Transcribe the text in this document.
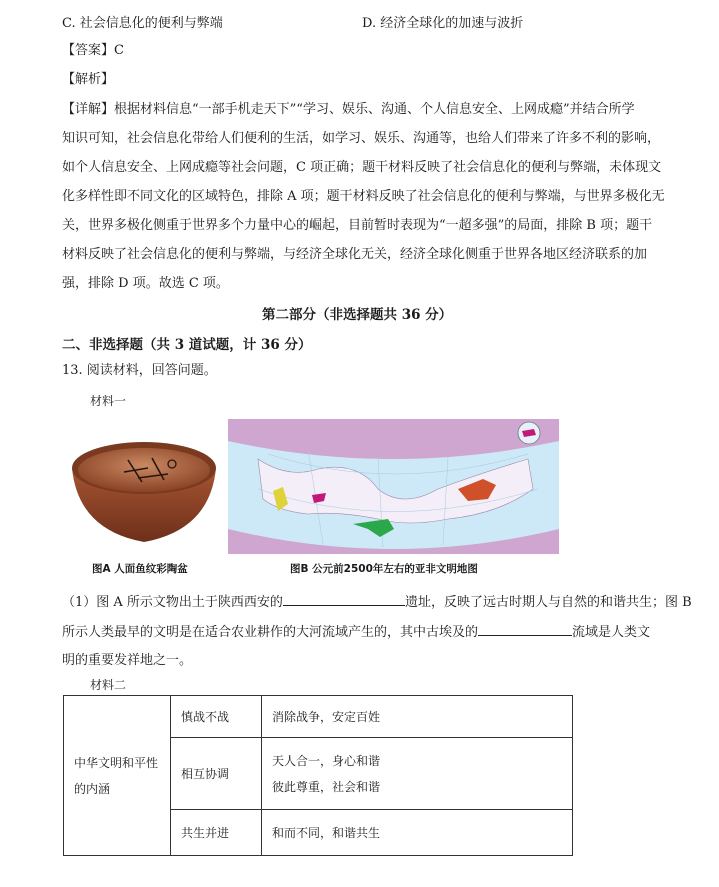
C. 社会信息化的便利与弊端	D. 经济全球化的加速与波折
【答案】C
【解析】
【详解】根据材料信息“一部手机走天下”“学习、娱乐、沟通、个人信息安全、上网成瘾”并结合所学
知识可知，社会信息化带给人们便利的生活，如学习、娱乐、沟通等，也给人们带来了许多不利的影响，
如个人信息安全、上网成瘾等社会问题，C 项正确；题干材料反映了社会信息化的便利与弊端，未体现文
化多样性即不同文化的区域特色，排除 A 项；题干材料反映了社会信息化的便利与弊端，与世界多极化无
关，世界多极化侧重于世界多个力量中心的崛起，目前暂时表现为“一超多强”的局面，排除 B 项；题干
材料反映了社会信息化的便利与弊端，与经济全球化无关，经济全球化侧重于世界各地区经济联系的加
强，排除 D 项。故选 C 项。
第二部分（非选择题共 36 分）
二、非选择题（共 3 道试题，计 36 分）
13. 阅读材料，回答问题。
材料一
图A 人面鱼纹彩陶盆	图B 公元前2500年左右的亚非文明地图
（1）图 A 所示文物出土于陕西西安的	遗址，反映了远古时期人与自然的和谐共生；图 B
所示人类最早的文明是在适合农业耕作的大河流域产生的，其中古埃及的	流域是人类文
明的重要发祥地之一。
材料二
中华文明和平性
的内涵	慎战不战	消除战争，安定百姓
	相互协调	天人合一，身心和谐
彼此尊重，社会和谐

	共生并进	和而不同，和谐共生
